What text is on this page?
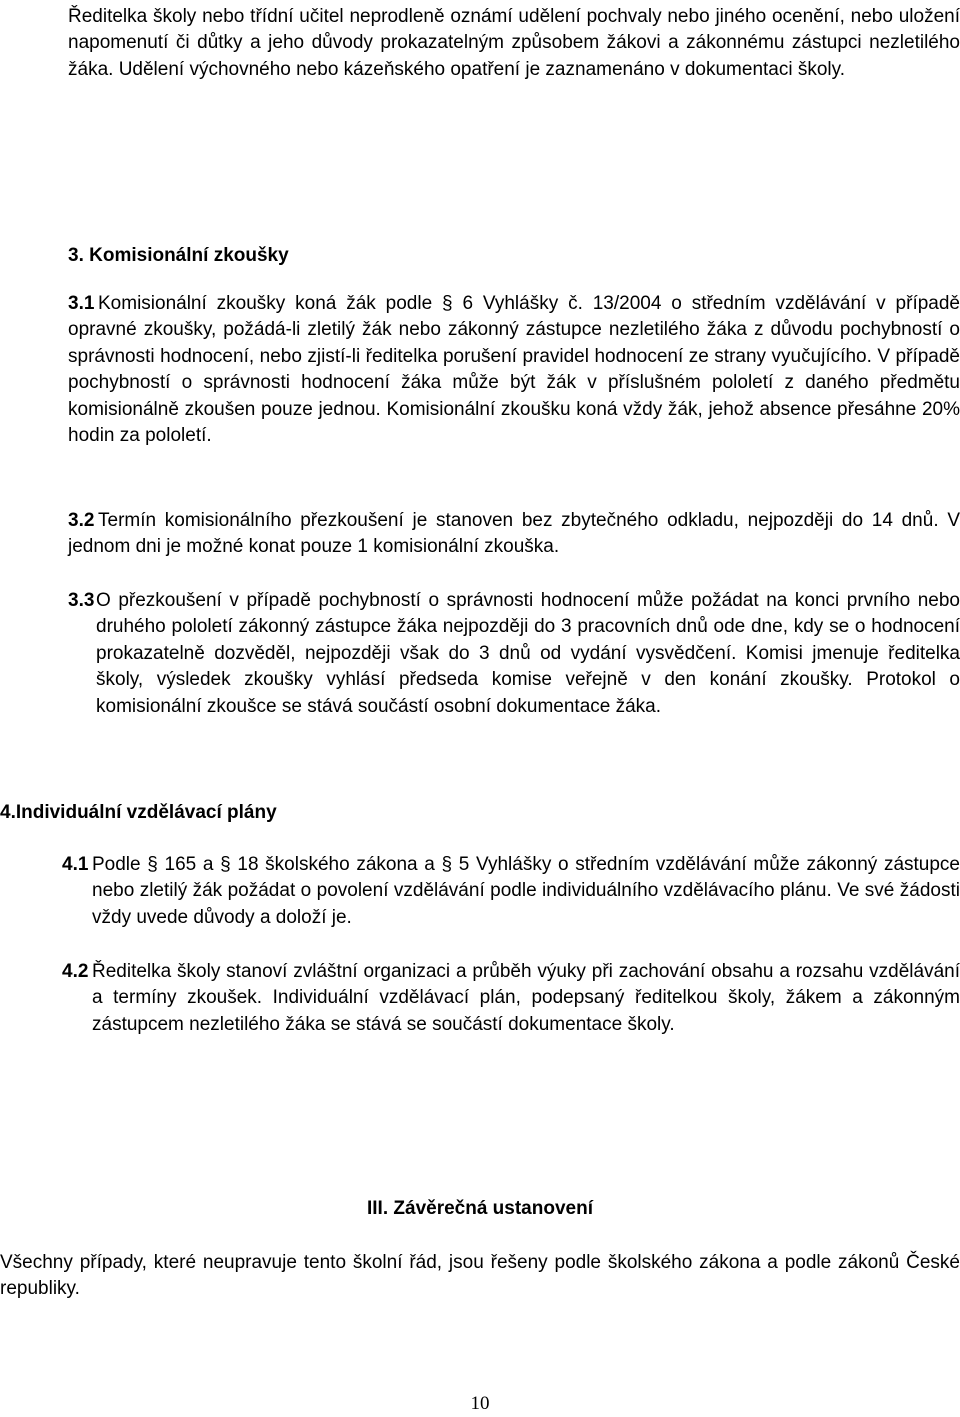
Ředitelka školy nebo třídní učitel neprodleně oznámí udělení pochvaly nebo jiného ocenění, nebo uložení napomenutí či důtky a jeho důvody prokazatelným způsobem žákovi a zákonnému zástupci nezletilého žáka. Udělení výchovného nebo kázeňského opatření je zaznamenáno v dokumentaci školy.
3. Komisionální zkoušky
3.1 Komisionální zkoušky koná žák podle § 6 Vyhlášky č. 13/2004 o středním vzdělávání v případě opravné zkoušky, požádá-li zletilý žák nebo zákonný zástupce nezletilého žáka z důvodu pochybností o správnosti hodnocení, nebo zjistí-li ředitelka porušení pravidel hodnocení ze strany vyučujícího. V případě pochybností o správnosti hodnocení žáka může být žák v příslušném pololetí z daného předmětu komisionálně zkoušen pouze jednou. Komisionální zkoušku koná vždy žák, jehož absence přesáhne 20% hodin za pololetí.
3.2 Termín komisionálního přezkoušení je stanoven bez zbytečného odkladu, nejpozději do 14 dnů. V jednom dni je možné konat pouze 1 komisionální zkouška.
3.3 O přezkoušení v případě pochybností o správnosti hodnocení může požádat na konci prvního nebo druhého pololetí zákonný zástupce žáka nejpozději do 3 pracovních dnů ode dne, kdy se o hodnocení prokazatelně dozvěděl, nejpozději však do 3 dnů od vydání vysvědčení. Komisi jmenuje ředitelka školy, výsledek zkoušky vyhlásí předseda komise veřejně v den konání zkoušky. Protokol o komisionální zkoušce se stává součástí osobní dokumentace žáka.
4.Individuální vzdělávací plány
4.1 Podle § 165 a § 18 školského zákona a § 5 Vyhlášky o středním vzdělávání může zákonný zástupce nebo zletilý žák požádat o povolení vzdělávání podle individuálního vzdělávacího plánu. Ve své žádosti vždy uvede důvody a doloží je.
4.2 Ředitelka školy stanoví zvláštní organizaci a průběh výuky při zachování obsahu a rozsahu vzdělávání a termíny zkoušek. Individuální vzdělávací plán, podepsaný ředitelkou školy, žákem a zákonným zástupcem nezletilého žáka se stává se součástí dokumentace školy.
III. Závěrečná ustanovení
Všechny případy, které neupravuje tento školní řád, jsou řešeny podle školského zákona a podle zákonů České republiky.
10
